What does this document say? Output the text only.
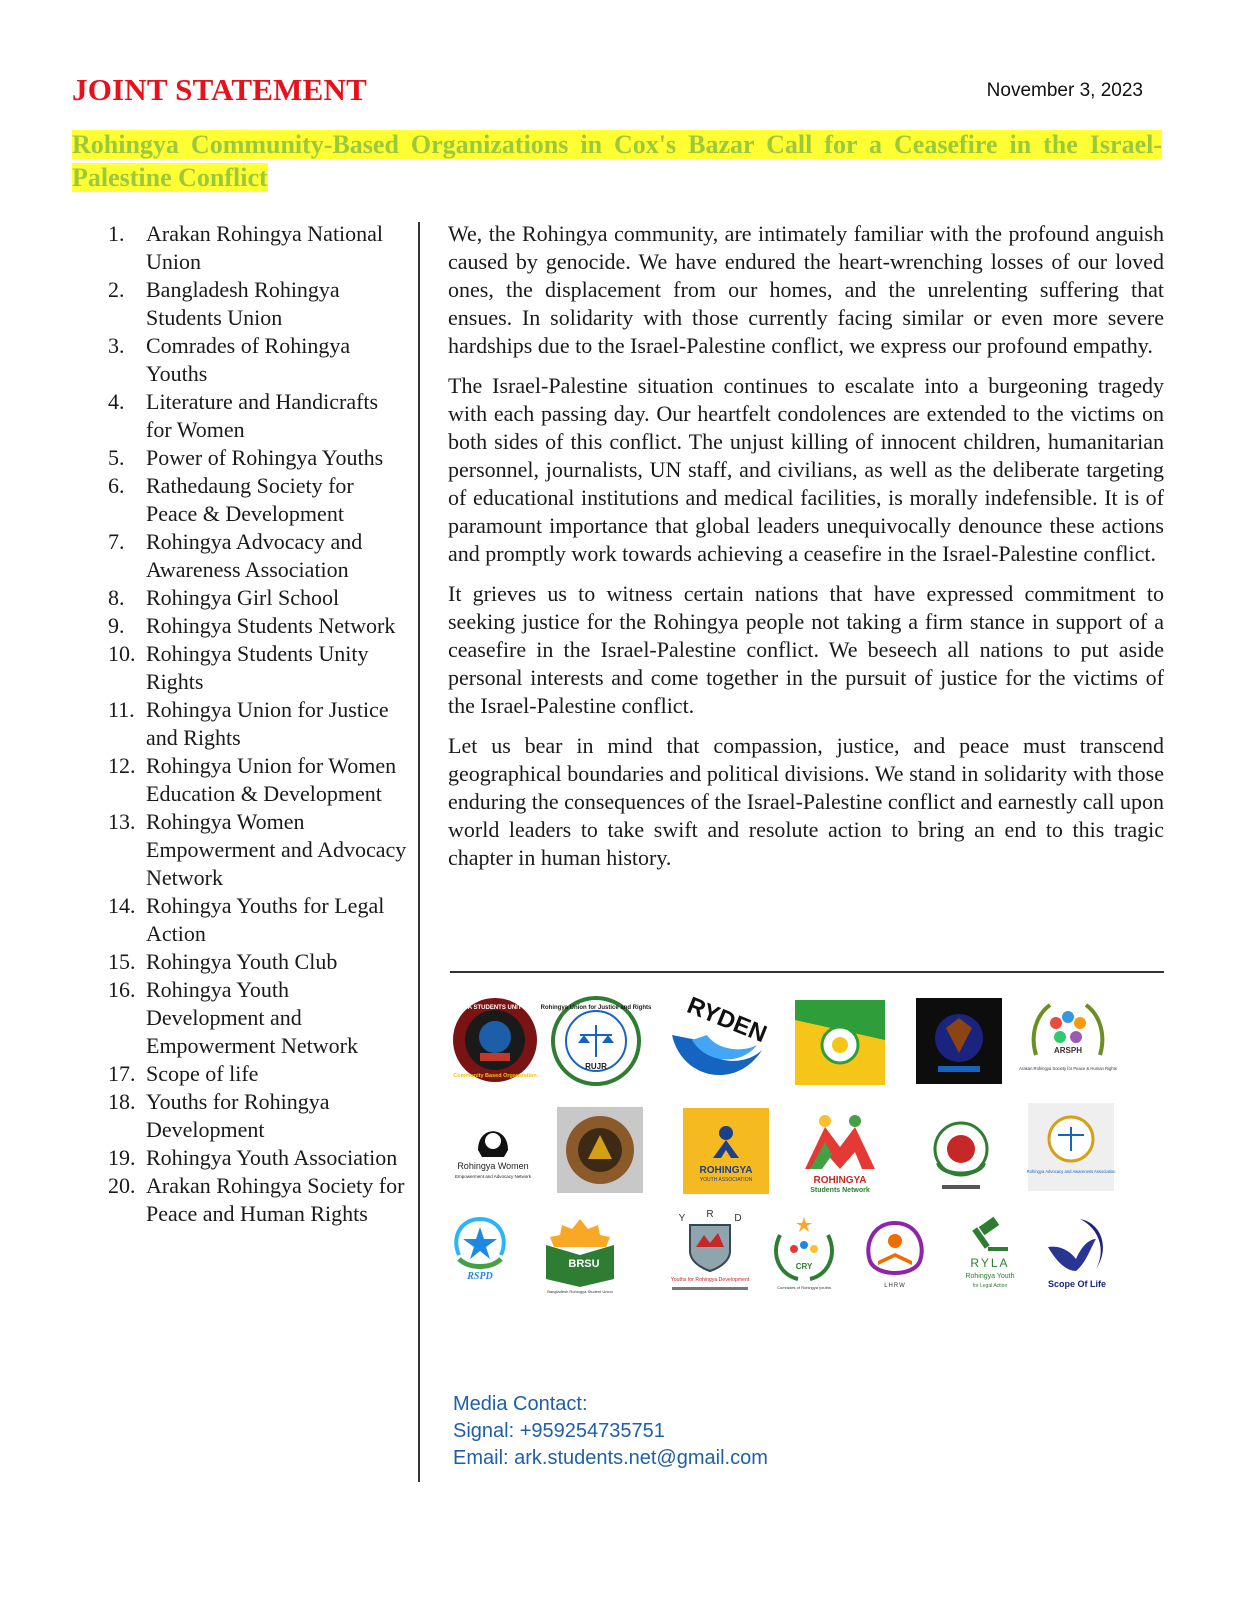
JOINT STATEMENT	November 3, 2023
Rohingya Community-Based Organizations in Cox's Bazar Call for a Ceasefire in the Israel-Palestine Conflict
1. Arakan Rohingya National Union
2. Bangladesh Rohingya Students Union
3. Comrades of Rohingya Youths
4. Literature and Handicrafts for Women
5. Power of Rohingya Youths
6. Rathedaung Society for Peace & Development
7. Rohingya Advocacy and Awareness Association
8. Rohingya Girl School
9. Rohingya Students Network
10. Rohingya Students Unity Rights
11. Rohingya Union for Justice and Rights
12. Rohingya Union for Women Education & Development
13. Rohingya Women Empowerment and Advocacy Network
14. Rohingya Youths for Legal Action
15. Rohingya Youth Club
16. Rohingya Youth Development and Empowerment Network
17. Scope of life
18. Youths for Rohingya Development
19. Rohingya Youth Association
20. Arakan Rohingya Society for Peace and Human Rights

We, the Rohingya community, are intimately familiar with the profound anguish caused by genocide. We have endured the heart-wrenching losses of our loved ones, the displacement from our homes, and the unrelenting suffering that ensues. In solidarity with those currently facing similar or even more severe hardships due to the Israel-Palestine conflict, we express our profound empathy.

The Israel-Palestine situation continues to escalate into a burgeoning tragedy with each passing day. Our heartfelt condolences are extended to the victims on both sides of this conflict. The unjust killing of innocent children, humanitarian personnel, journalists, UN staff, and civilians, as well as the deliberate targeting of educational institutions and medical facilities, is morally indefensible. It is of paramount importance that global leaders unequivocally denounce these actions and promptly work towards achieving a ceasefire in the Israel-Palestine conflict.

It grieves us to witness certain nations that have expressed commitment to seeking justice for the Rohingya people not taking a firm stance in support of a ceasefire in the Israel-Palestine conflict. We beseech all nations to put aside personal interests and come together in the pursuit of justice for the victims of the Israel-Palestine conflict.

Let us bear in mind that compassion, justice, and peace must transcend geographical boundaries and political divisions. We stand in solidarity with those enduring the consequences of the Israel-Palestine conflict and earnestly call upon world leaders to take swift and resolute action to bring an end to this tragic chapter in human history.

ROHINGYA STUDENTS UNITY RIGHTS
Community Based Organization
Rohingya Union for Justice and Rights
RUJR
RYDEN
ARSPH
Arakan Rohingya Society for Peace & Human Rights
Rohingya Women
Empowerment and Advocacy Network
ROHINGYA
YOUTH ASSOCIATION	ROHINGYA
Students Network
Rohingya Advocacy and Awareness Association
RSPD
BRSU
Bangladesh Rohingya Student Union
Y R D
Youths for Rohingya Development
CRY
Comrades of Rohingya youths	LHRW
RYLA
Rohingya Youth
for Legal Action	Scope Of Life
Media Contact:
Signal: +959254735751
Email: ark.students.net@gmail.com
